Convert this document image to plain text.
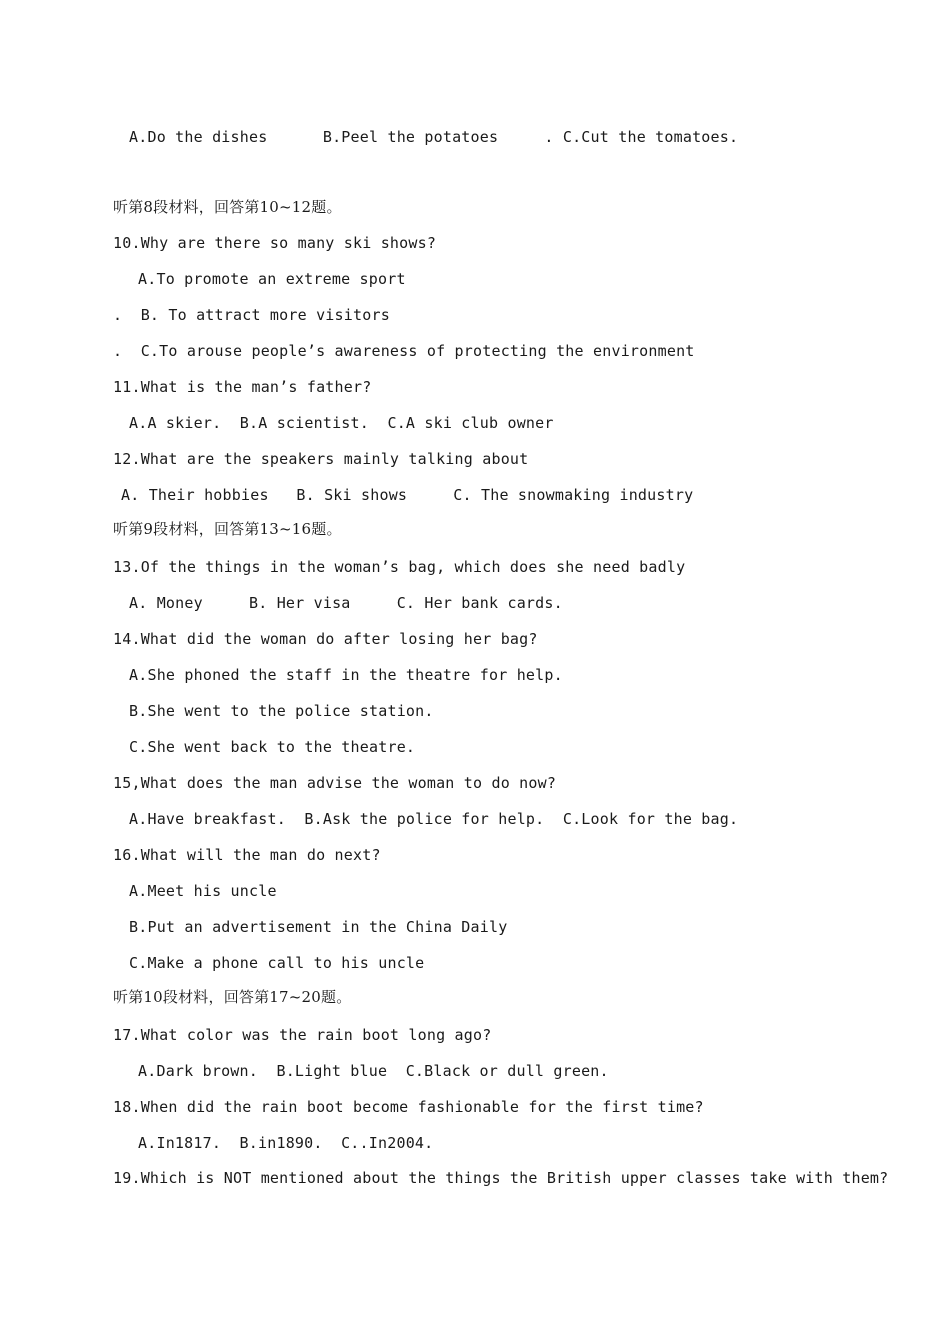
A.Do the dishes      B.Peel the potatoes     . C.Cut the tomatoes.
听第8段材料，回答第10~12题。
10.Why are there so many ski shows?
A.To promote an extreme sport
.  B. To attract more visitors
.  C.To arouse people’s awareness of protecting the environment
11.What is the man’s father?
A.A skier.  B.A scientist.  C.A ski club owner
12.What are the speakers mainly talking about
A. Their hobbies   B. Ski shows     C. The snowmaking industry
听第9段材料，回答第13~16题。
13.Of the things in the woman’s bag, which does she need badly
A. Money     B. Her visa     C. Her bank cards.
14.What did the woman do after losing her bag?
A.She phoned the staff in the theatre for help.
B.She went to the police station.
C.She went back to the theatre.
15,What does the man advise the woman to do now?
A.Have breakfast.  B.Ask the police for help.  C.Look for the bag.
16.What will the man do next?
A.Meet his uncle
B.Put an advertisement in the China Daily
C.Make a phone call to his uncle
听第10段材料，回答第17~20题。
17.What color was the rain boot long ago?
A.Dark brown.  B.Light blue  C.Black or dull green.
18.When did the rain boot become fashionable for the first time?
A.In1817.  B.in1890.  C..In2004.
19.Which is NOT mentioned about the things the British upper classes take with them?
